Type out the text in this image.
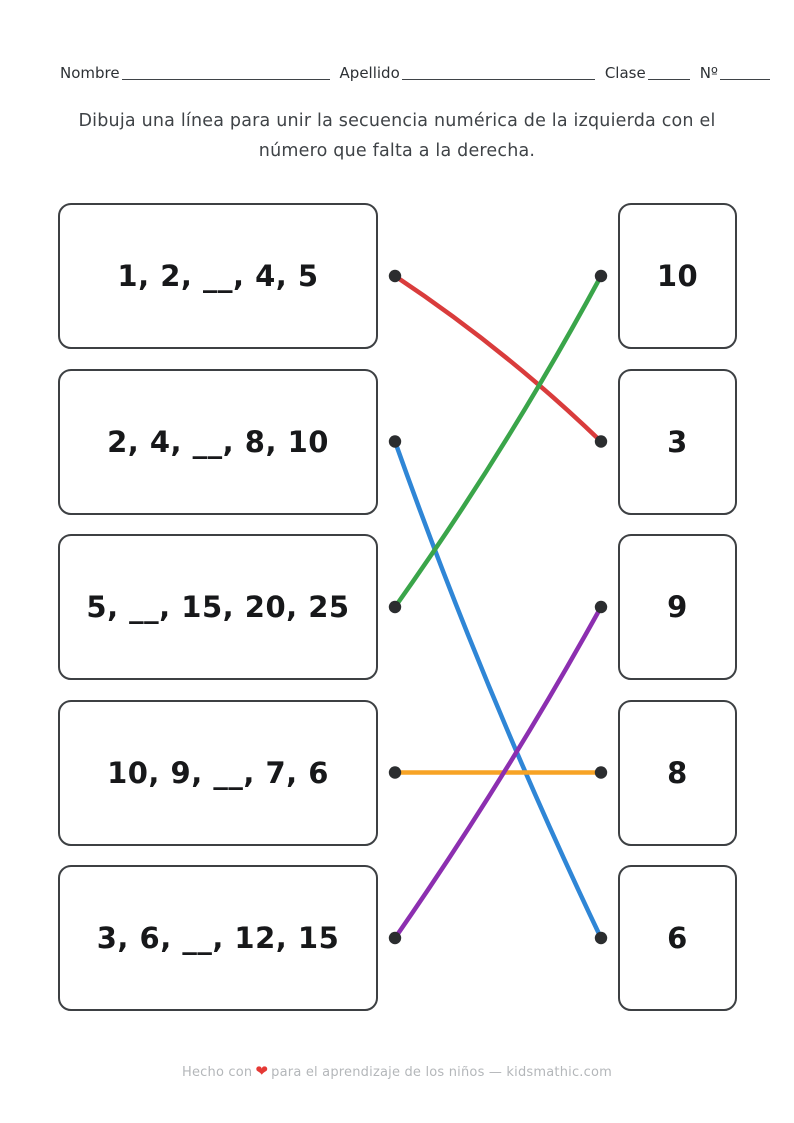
Nombre	Apellido	Clase	Nº
Dibuja una línea para unir la secuencia numérica de la izquierda con el
número que falta a la derecha.
1, 2, __, 4, 5
2, 4, __, 8, 10
5, __, 15, 20, 25
10, 9, __, 7, 6
3, 6, __, 12, 15
10
3
9
8
6
Hecho con ❤ para el aprendizaje de los niños — kidsmathic.com
